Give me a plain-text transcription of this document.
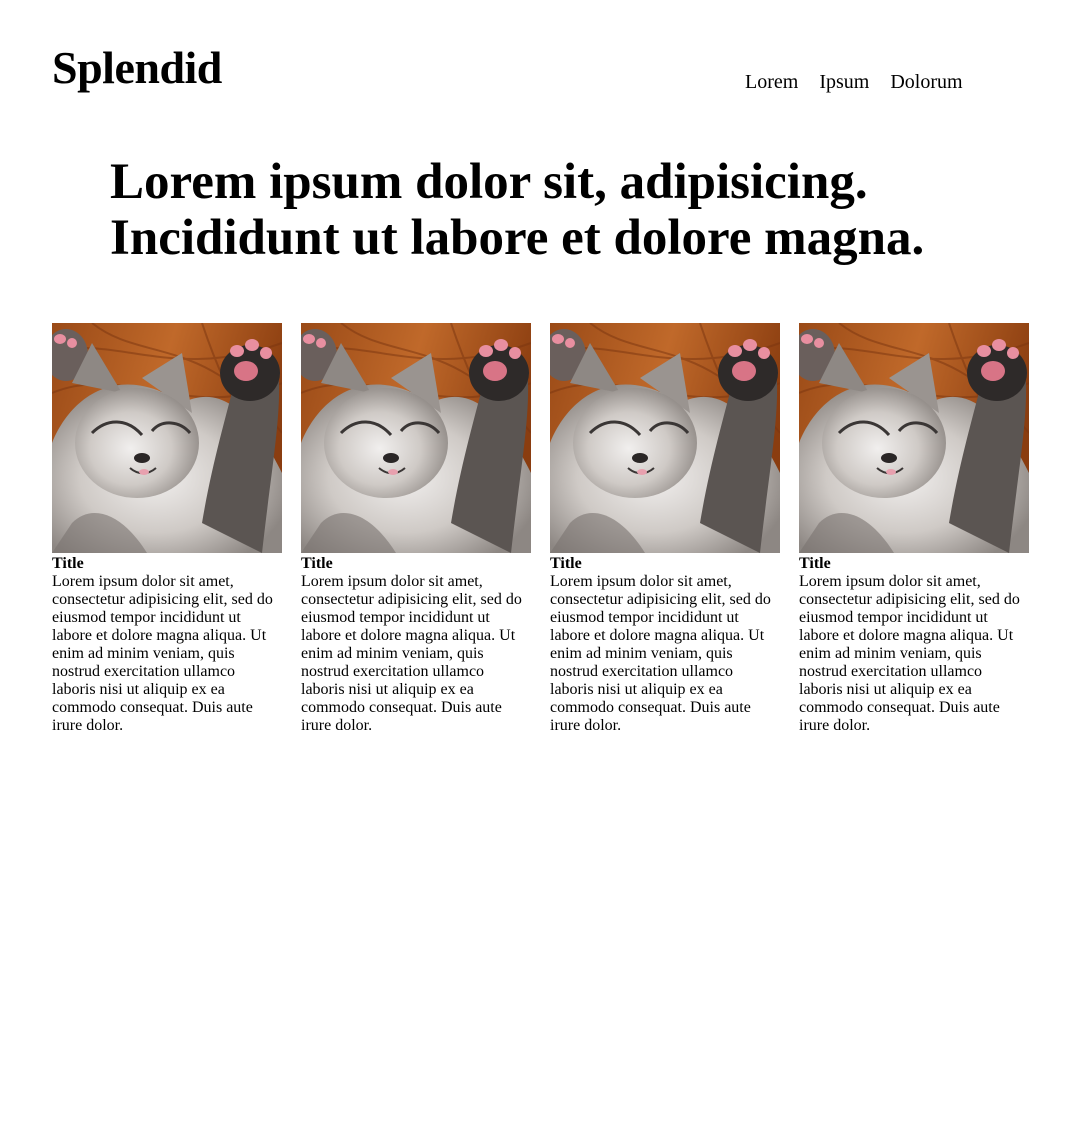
Splendid	Lorem Ipsum Dolorum
Lorem ipsum dolor sit, adipisicing.
Incididunt ut labore et dolore magna.
Title

Lorem ipsum dolor sit amet, consectetur adipisicing elit, sed do eiusmod tempor incididunt ut labore et dolore magna aliqua. Ut enim ad minim veniam, quis nostrud exercitation ullamco laboris nisi ut aliquip ex ea commodo consequat. Duis aute irure dolor.

Title

Lorem ipsum dolor sit amet, consectetur adipisicing elit, sed do eiusmod tempor incididunt ut labore et dolore magna aliqua. Ut enim ad minim veniam, quis nostrud exercitation ullamco laboris nisi ut aliquip ex ea commodo consequat. Duis aute irure dolor.

Title

Lorem ipsum dolor sit amet, consectetur adipisicing elit, sed do eiusmod tempor incididunt ut labore et dolore magna aliqua. Ut enim ad minim veniam, quis nostrud exercitation ullamco laboris nisi ut aliquip ex ea commodo consequat. Duis aute irure dolor.

Title

Lorem ipsum dolor sit amet, consectetur adipisicing elit, sed do eiusmod tempor incididunt ut labore et dolore magna aliqua. Ut enim ad minim veniam, quis nostrud exercitation ullamco laboris nisi ut aliquip ex ea commodo consequat. Duis aute irure dolor.
